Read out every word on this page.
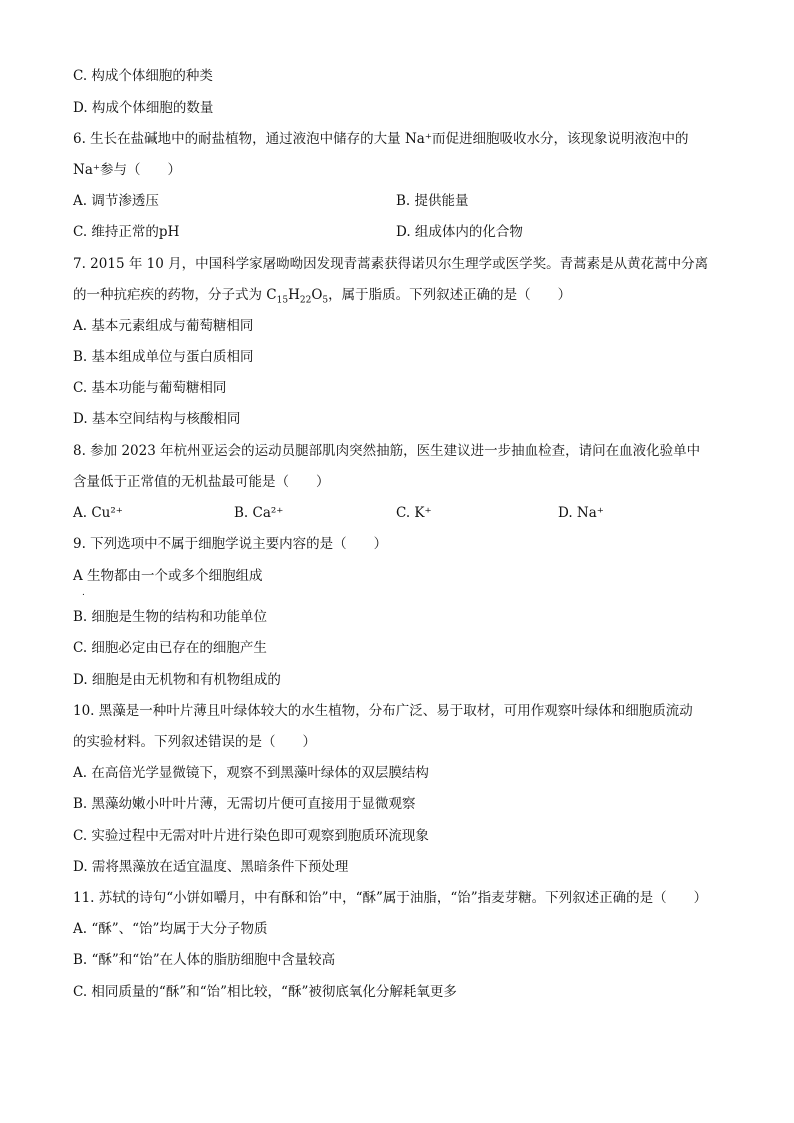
C. 构成个体细胞的种类
D. 构成个体细胞的数量
6. 生长在盐碱地中的耐盐植物，通过液泡中储存的大量 Na⁺而促进细胞吸收水分，该现象说明液泡中的
Na⁺参与（　　）
A. 调节渗透压	B. 提供能量
C. 维持正常的pH	D. 组成体内的化合物
7. 2015 年 10 月，中国科学家屠呦呦因发现青蒿素获得诺贝尔生理学或医学奖。青蒿素是从黄花蒿中分离
的一种抗疟疾的药物，分子式为 $C_{15}H_{22}O_5$，属于脂质。下列叙述正确的是（　　）
A. 基本元素组成与葡萄糖相同
B. 基本组成单位与蛋白质相同
C. 基本功能与葡萄糖相同
D. 基本空间结构与核酸相同
8. 参加 2023 年杭州亚运会的运动员腿部肌肉突然抽筋，医生建议进一步抽血检查，请问在血液化验单中
含量低于正常值的无机盐最可能是（　　）
A. Cu²⁺	B. Ca²⁺	C. K⁺	D. Na⁺
9. 下列选项中不属于细胞学说主要内容的是（　　）
A 生物都由一个或多个细胞组成
.
B. 细胞是生物的结构和功能单位
C. 细胞必定由已存在的细胞产生
D. 细胞是由无机物和有机物组成的
10. 黑藻是一种叶片薄且叶绿体较大的水生植物，分布广泛、易于取材，可用作观察叶绿体和细胞质流动
的实验材料。下列叙述错误的是（　　）
A. 在高倍光学显微镜下，观察不到黑藻叶绿体的双层膜结构
B. 黑藻幼嫩小叶叶片薄，无需切片便可直接用于显微观察
C. 实验过程中无需对叶片进行染色即可观察到胞质环流现象
D. 需将黑藻放在适宜温度、黑暗条件下预处理
11. 苏轼的诗句“小饼如嚼月，中有酥和饴”中，“酥”属于油脂，“饴”指麦芽糖。下列叙述正确的是（　　）
A. “酥”、“饴”均属于大分子物质
B. “酥”和“饴”在人体的脂肪细胞中含量较高
C. 相同质量的“酥”和“饴”相比较，“酥”被彻底氧化分解耗氧更多
